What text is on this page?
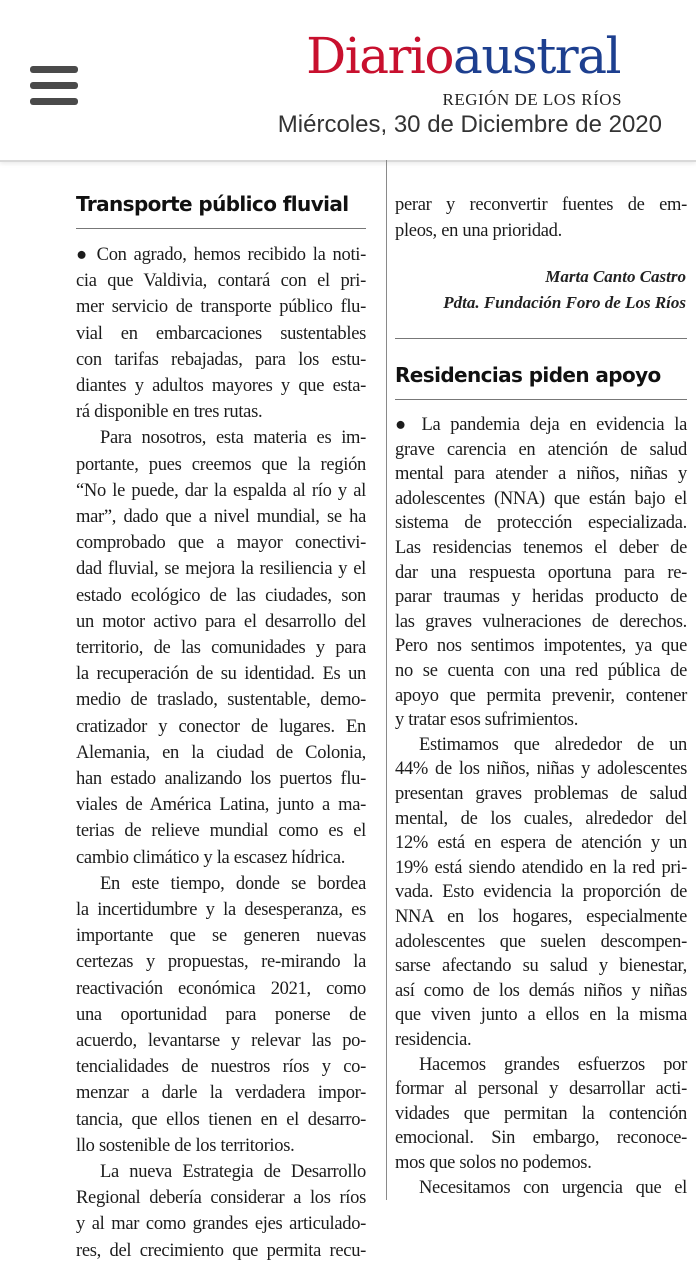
Diarioaustral
REGIÓN DE LOS RÍOS
Miércoles, 30 de Diciembre de 2020
Transporte público fluvial
● Con agrado, hemos recibido la noti-
cia que Valdivia, contará con el pri-
mer servicio de transporte público flu-
vial en embarcaciones sustentables
con tarifas rebajadas, para los estu-
diantes y adultos mayores y que esta-
rá disponible en tres rutas.
Para nosotros, esta materia es im-
portante, pues creemos que la región
“No le puede, dar la espalda al río y al
mar”, dado que a nivel mundial, se ha
comprobado que a mayor conectivi-
dad fluvial, se mejora la resiliencia y el
estado ecológico de las ciudades, son
un motor activo para el desarrollo del
territorio, de las comunidades y para
la recuperación de su identidad. Es un
medio de traslado, sustentable, demo-
cratizador y conector de lugares. En
Alemania, en la ciudad de Colonia,
han estado analizando los puertos flu-
viales de América Latina, junto a ma-
terias de relieve mundial como es el
cambio climático y la escasez hídrica.
En este tiempo, donde se bordea
la incertidumbre y la desesperanza, es
importante que se generen nuevas
certezas y propuestas, re-mirando la
reactivación económica 2021, como
una oportunidad para ponerse de
acuerdo, levantarse y relevar las po-
tencialidades de nuestros ríos y co-
menzar a darle la verdadera impor-
tancia, que ellos tienen en el desarro-
llo sostenible de los territorios.
La nueva Estrategia de Desarrollo
Regional debería considerar a los ríos
y al mar como grandes ejes articulado-
res, del crecimiento que permita recu-
perar y reconvertir fuentes de em-
pleos, en una prioridad.
Marta Canto Castro
Pdta. Fundación Foro de Los Ríos
Residencias piden apoyo
● La pandemia deja en evidencia la
grave carencia en atención de salud
mental para atender a niños, niñas y
adolescentes (NNA) que están bajo el
sistema de protección especializada.
Las residencias tenemos el deber de
dar una respuesta oportuna para re-
parar traumas y heridas producto de
las graves vulneraciones de derechos.
Pero nos sentimos impotentes, ya que
no se cuenta con una red pública de
apoyo que permita prevenir, contener
y tratar esos sufrimientos.
Estimamos que alrededor de un
44% de los niños, niñas y adolescentes
presentan graves problemas de salud
mental, de los cuales, alrededor del
12% está en espera de atención y un
19% está siendo atendido en la red pri-
vada. Esto evidencia la proporción de
NNA en los hogares, especialmente
adolescentes que suelen descompen-
sarse afectando su salud y bienestar,
así como de los demás niños y niñas
que viven junto a ellos en la misma
residencia.
Hacemos grandes esfuerzos por
formar al personal y desarrollar acti-
vidades que permitan la contención
emocional. Sin embargo, reconoce-
mos que solos no podemos.
Necesitamos con urgencia que el
